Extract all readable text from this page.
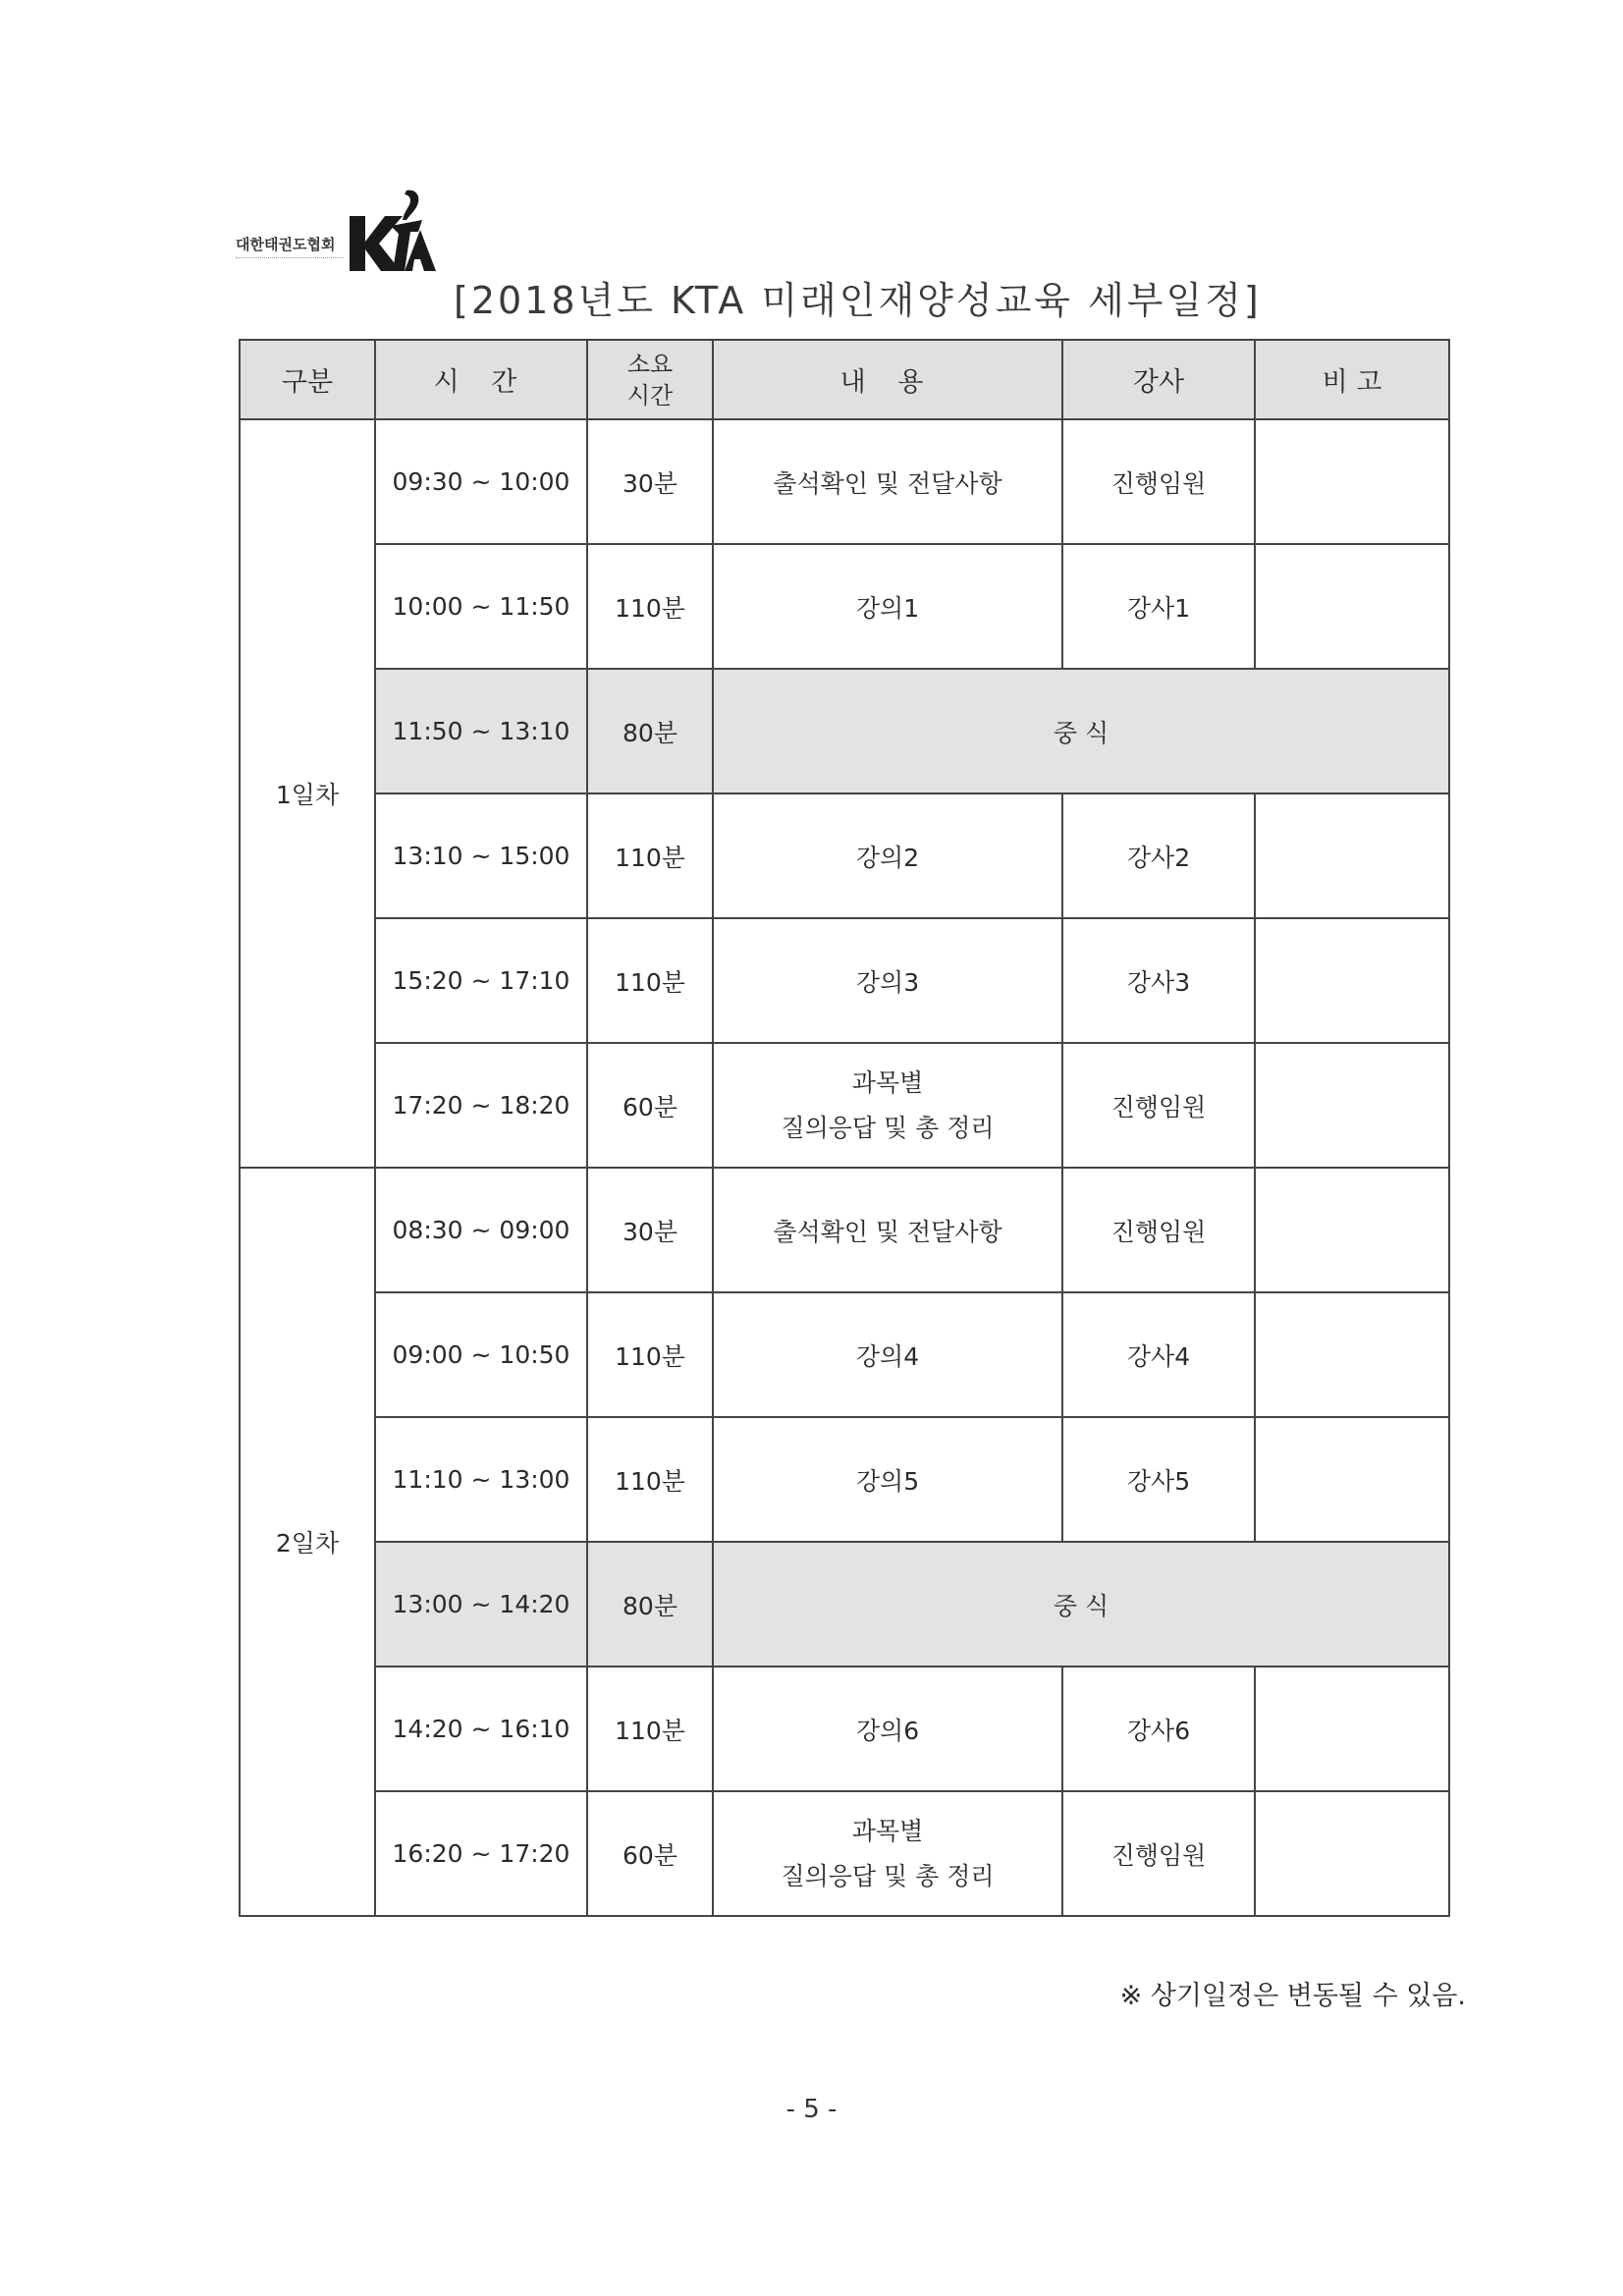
대한태권도협회
[2018년도 KTA 미래인재양성교육 세부일정]
구분	시 간	소요
시간	내 용	강사	비 고
1일차	09:30 ~ 10:00	30분	출석확인 및 전달사항	진행임원	
	10:00 ~ 11:50	110분	강의1	강사1	
	11:50 ~ 13:10	80분	중 식		
	13:10 ~ 15:00	110분	강의2	강사2	
	15:20 ~ 17:10	110분	강의3	강사3	
	17:20 ~ 18:20	60분	과목별
질의응답 및 총 정리	진행임원	
2일차	08:30 ~ 09:00	30분	출석확인 및 전달사항	진행임원	
	09:00 ~ 10:50	110분	강의4	강사4	
	11:10 ~ 13:00	110분	강의5	강사5	
	13:00 ~ 14:20	80분	중 식		
	14:20 ~ 16:10	110분	강의6	강사6	
	16:20 ~ 17:20	60분	과목별
질의응답 및 총 정리	진행임원	
※ 상기일정은 변동될 수 있음.
- 5 -
